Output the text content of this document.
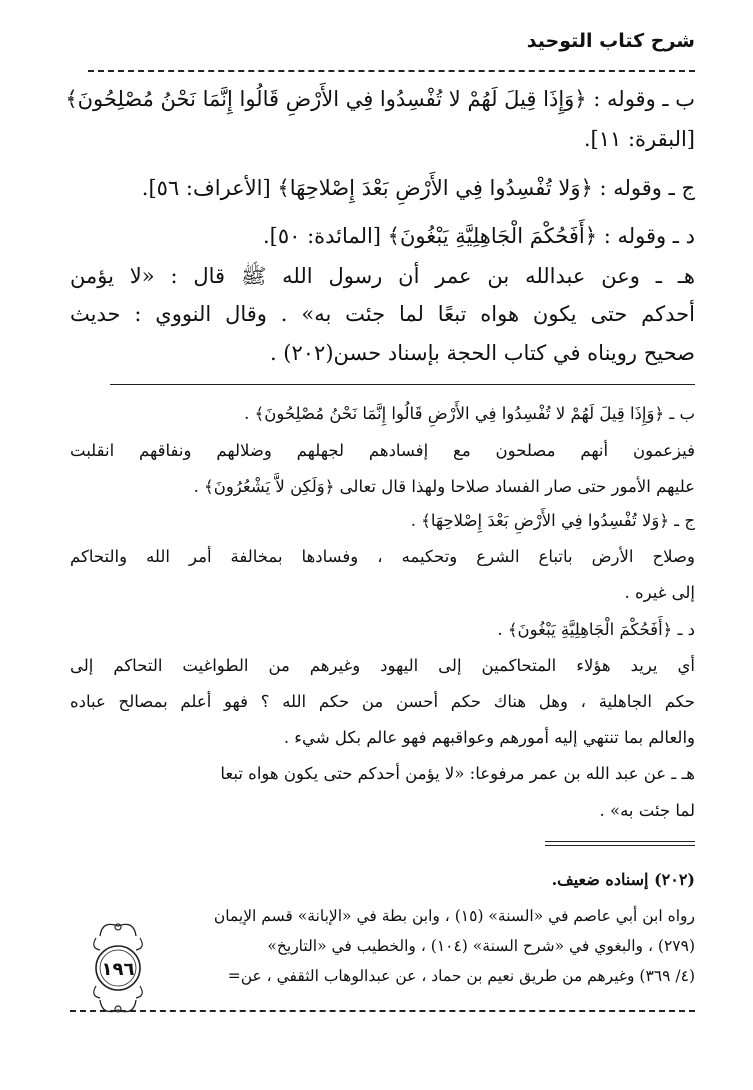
شرح كتاب التوحيد
ب ـ وقوله : ﴿وَإِذَا قِيلَ لَهُمْ لا تُفْسِدُوا فِي الأَرْضِ قَالُوا إِنَّمَا نَحْنُ مُصْلِحُونَ﴾
[البقرة: ١١].
ج ـ وقوله : ﴿وَلا تُفْسِدُوا فِي الأَرْضِ بَعْدَ إِصْلاحِهَا﴾ [الأعراف: ٥٦].
د ـ وقوله : ﴿أَفَحُكْمَ الْجَاهِلِيَّةِ يَبْغُونَ﴾ [المائدة: ٥٠].
هـ ـ وعن عبدالله بن عمر أن رسول الله ﷺ قال : «لا يؤمن
أحدكم حتى يكون هواه تبعًا لما جئت به» . وقال النووي : حديث
صحيح رويناه في كتاب الحجة بإسناد حسن(٢٠٢) .
ب ـ ﴿وَإِذَا قِيلَ لَهُمْ لا تُفْسِدُوا فِي الأَرْضِ قَالُوا إِنَّمَا نَحْنُ مُصْلِحُونَ﴾ .
فيزعمون أنهم مصلحون مع إفسادهم لجهلهم وضلالهم ونفاقهم انقلبت
عليهم الأمور حتى صار الفساد صلاحا ولهذا قال تعالى ﴿وَلَكِن لاَّ يَشْعُرُونَ﴾ .
ج ـ ﴿وَلا تُفْسِدُوا فِي الأَرْضِ بَعْدَ إِصْلاحِهَا﴾ .
وصلاح الأرض باتباع الشرع وتحكيمه ، وفسادها بمخالفة أمر الله والتحاكم
إلى غيره .
د ـ ﴿أَفَحُكْمَ الْجَاهِلِيَّةِ يَبْغُونَ﴾ .
أي يريد هؤلاء المتحاكمين إلى اليهود وغيرهم من الطواغيت التحاكم إلى
حكم الجاهلية ، وهل هناك حكم أحسن من حكم الله ؟ فهو أعلم بمصالح عباده
والعالم بما تنتهي إليه أمورهم وعواقبهم فهو عالم بكل شيء .
هـ ـ عن عبد الله بن عمر مرفوعا: «لا يؤمن أحدكم حتى يكون هواه تبعا
لما جئت به» .
(٢٠٢) إسناده ضعيف.
رواه ابن أبي عاصم في «السنة» (١٥) ، وابن بطة في «الإبانة» قسم الإيمان
(٢٧٩) ، والبغوي في «شرح السنة» (١٠٤) ، والخطيب في «التاريخ»
(٤/ ٣٦٩) وغيرهم من طريق نعيم بن حماد ، عن عبدالوهاب الثقفي ، عن=
١٩٦
